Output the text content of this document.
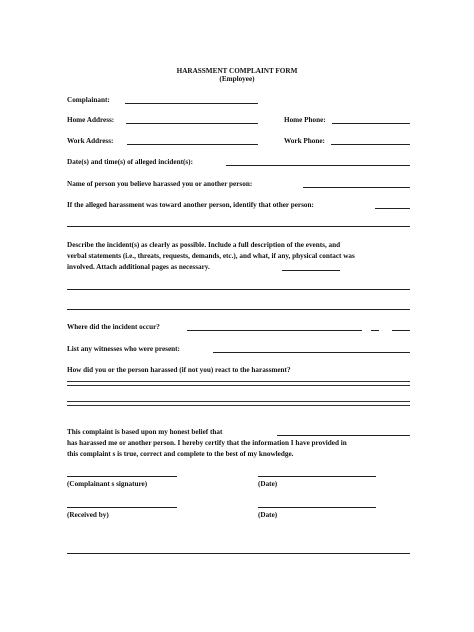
HARASSMENT COMPLAINT FORM
(Employee)
Complainant:
Home Address:	Home Phone:
Work Address:	Work Phone:
Date(s) and time(s) of alleged incident(s):
Name of person you believe harassed you or another person:
If the alleged harassment was toward another person, identify that other person:
Describe the incident(s) as clearly as possible. Include a full description of the events, and
verbal statements (i.e., threats, requests, demands, etc.), and what, if any, physical contact was
involved. Attach additional pages as necessary.
Where did the incident occur?
List any witnesses who were present:
How did you or the person harassed (if not you) react to the harassment?
This complaint is based upon my honest belief that
has harassed me or another person. I hereby certify that the information I have provided in
this complaint s is true, correct and complete to the best of my knowledge.
(Complainant s signature)	(Date)
(Received by)	(Date)
